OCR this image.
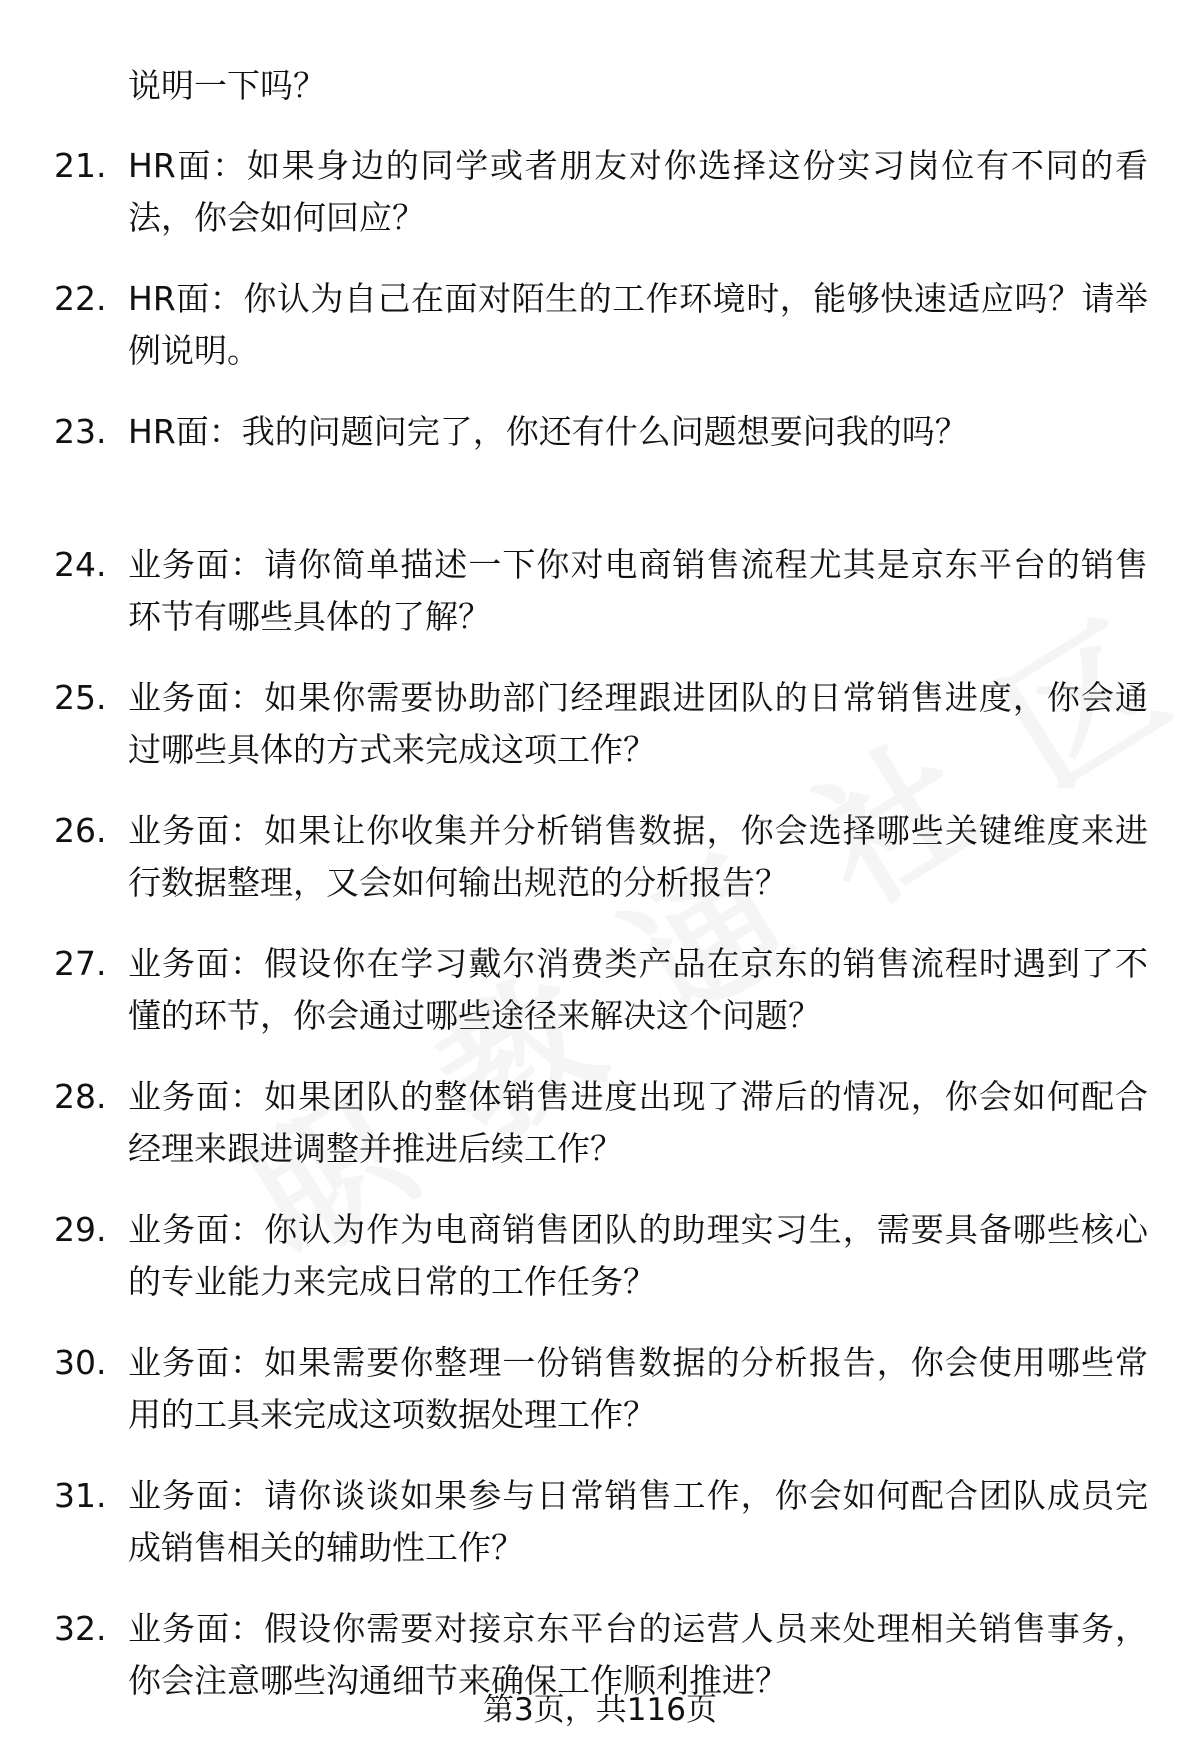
说明一下吗？
21. HR面：如果身边的同学或者朋友对你选择这份实习岗位有不同的看法，你会如何回应？
22. HR面：你认为自己在面对陌生的工作环境时，能够快速适应吗？请举例说明。
23. HR面：我的问题问完了，你还有什么问题想要问我的吗？
24. 业务面：请你简单描述一下你对电商销售流程尤其是京东平台的销售环节有哪些具体的了解？
25. 业务面：如果你需要协助部门经理跟进团队的日常销售进度，你会通过哪些具体的方式来完成这项工作？
26. 业务面：如果让你收集并分析销售数据，你会选择哪些关键维度来进行数据整理，又会如何输出规范的分析报告？
27. 业务面：假设你在学习戴尔消费类产品在京东的销售流程时遇到了不懂的环节，你会通过哪些途径来解决这个问题？
28. 业务面：如果团队的整体销售进度出现了滞后的情况，你会如何配合经理来跟进调整并推进后续工作？
29. 业务面：你认为作为电商销售团队的助理实习生，需要具备哪些核心的专业能力来完成日常的工作任务？
30. 业务面：如果需要你整理一份销售数据的分析报告，你会使用哪些常用的工具来完成这项数据处理工作？
31. 业务面：请你谈谈如果参与日常销售工作，你会如何配合团队成员完成销售相关的辅助性工作？
32. 业务面：假设你需要对接京东平台的运营人员来处理相关销售事务，你会注意哪些沟通细节来确保工作顺利推进？
第3页，共116页
